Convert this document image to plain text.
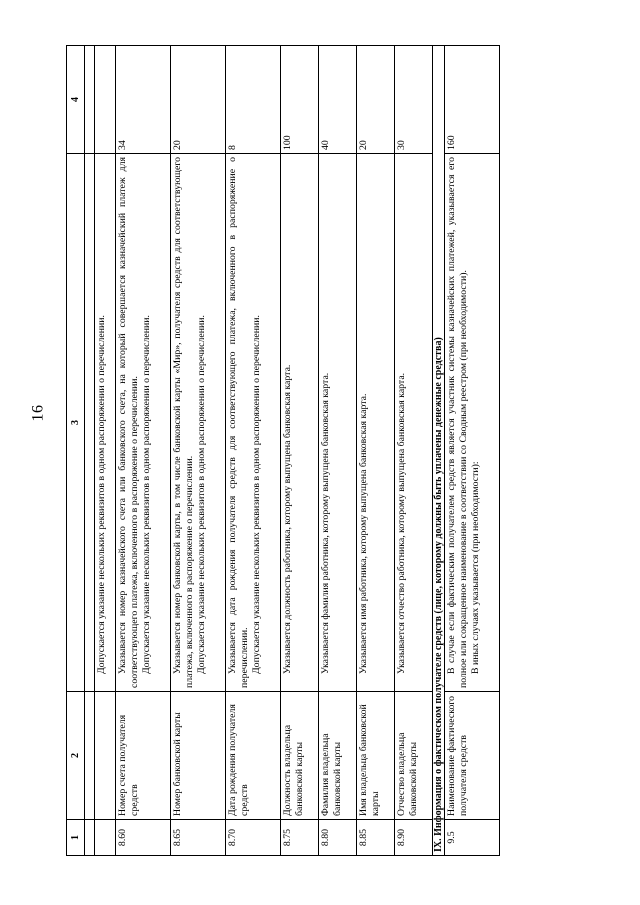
16
1	2	3	4

		Допускается указание нескольких реквизитов в одном распоряжении о перечислении.	

8.60	Номер счета получателя средств	Указывается номер казначейского счета или банковского счета, на который совершается казначейский платеж для соответствующего платежа, включенного в распоряжение о перечислении. Допускается указание нескольких реквизитов в одном распоряжении о перечислении.	34
8.65	Номер банковской карты	Указывается номер банковской карты, в том числе банковской карты «Мир», получателя средств для соответствующего платежа, включенного в распоряжение о перечислении. Допускается указание нескольких реквизитов в одном распоряжении о перечислении.	20
8.70	Дата рождения получателя средств	Указывается дата рождения получателя средств для соответствующего платежа, включенного в распоряжение о перечислении. Допускается указание нескольких реквизитов в одном распоряжении о перечислении.	8
8.75	Должность владельца банковской карты	Указывается должность работника, которому выпущена банковская карта.	100
8.80	Фамилия владельца банковской карты	Указывается фамилия работника, которому выпущена банковская карта.	40
8.85	Имя владельца банковской карты	Указывается имя работника, которому выпущена банковская карта.	20
8.90	Отчество владельца банковской карты	Указывается отчество работника, которому выпущена банковская карта.	30
IX. Информация о фактическом получателе средств (лице, которому должны быть уплачены денежные средства)			
9.5	Наименование фактического получателя средств	В случае если фактическим получателем средств является участник системы казначейских платежей, указывается его полное или сокращенное наименование в соответствии со Сводным реестром (при необходимости). В иных случаях указывается (при необходимости):	160
